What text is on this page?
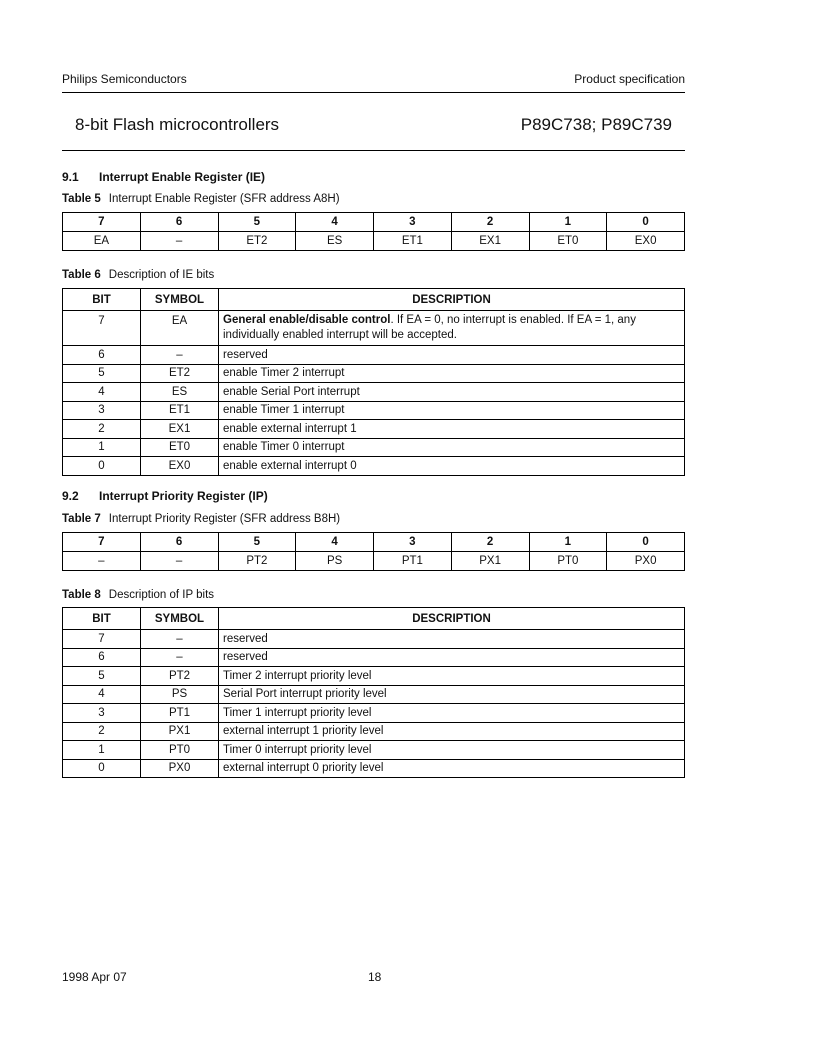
Philips Semiconductors	Product specification
8-bit Flash microcontrollers	P89C738; P89C739
9.1 Interrupt Enable Register (IE)
Table 5 Interrupt Enable Register (SFR address A8H)
7	6	5	4	3	2	1	0
EA	–	ET2	ES	ET1	EX1	ET0	EX0
Table 6 Description of IE bits
BIT	SYMBOL	DESCRIPTION
7	EA	General enable/disable control. If EA = 0, no interrupt is enabled. If EA = 1, any individually enabled interrupt will be accepted.
6	–	reserved
5	ET2	enable Timer 2 interrupt
4	ES	enable Serial Port interrupt
3	ET1	enable Timer 1 interrupt
2	EX1	enable external interrupt 1
1	ET0	enable Timer 0 interrupt
0	EX0	enable external interrupt 0
9.2 Interrupt Priority Register (IP)
Table 7 Interrupt Priority Register (SFR address B8H)
7	6	5	4	3	2	1	0
–	–	PT2	PS	PT1	PX1	PT0	PX0
Table 8 Description of IP bits
BIT	SYMBOL	DESCRIPTION
7	–	reserved
6	–	reserved
5	PT2	Timer 2 interrupt priority level
4	PS	Serial Port interrupt priority level
3	PT1	Timer 1 interrupt priority level
2	PX1	external interrupt 1 priority level
1	PT0	Timer 0 interrupt priority level
0	PX0	external interrupt 0 priority level
1998 Apr 07	18
